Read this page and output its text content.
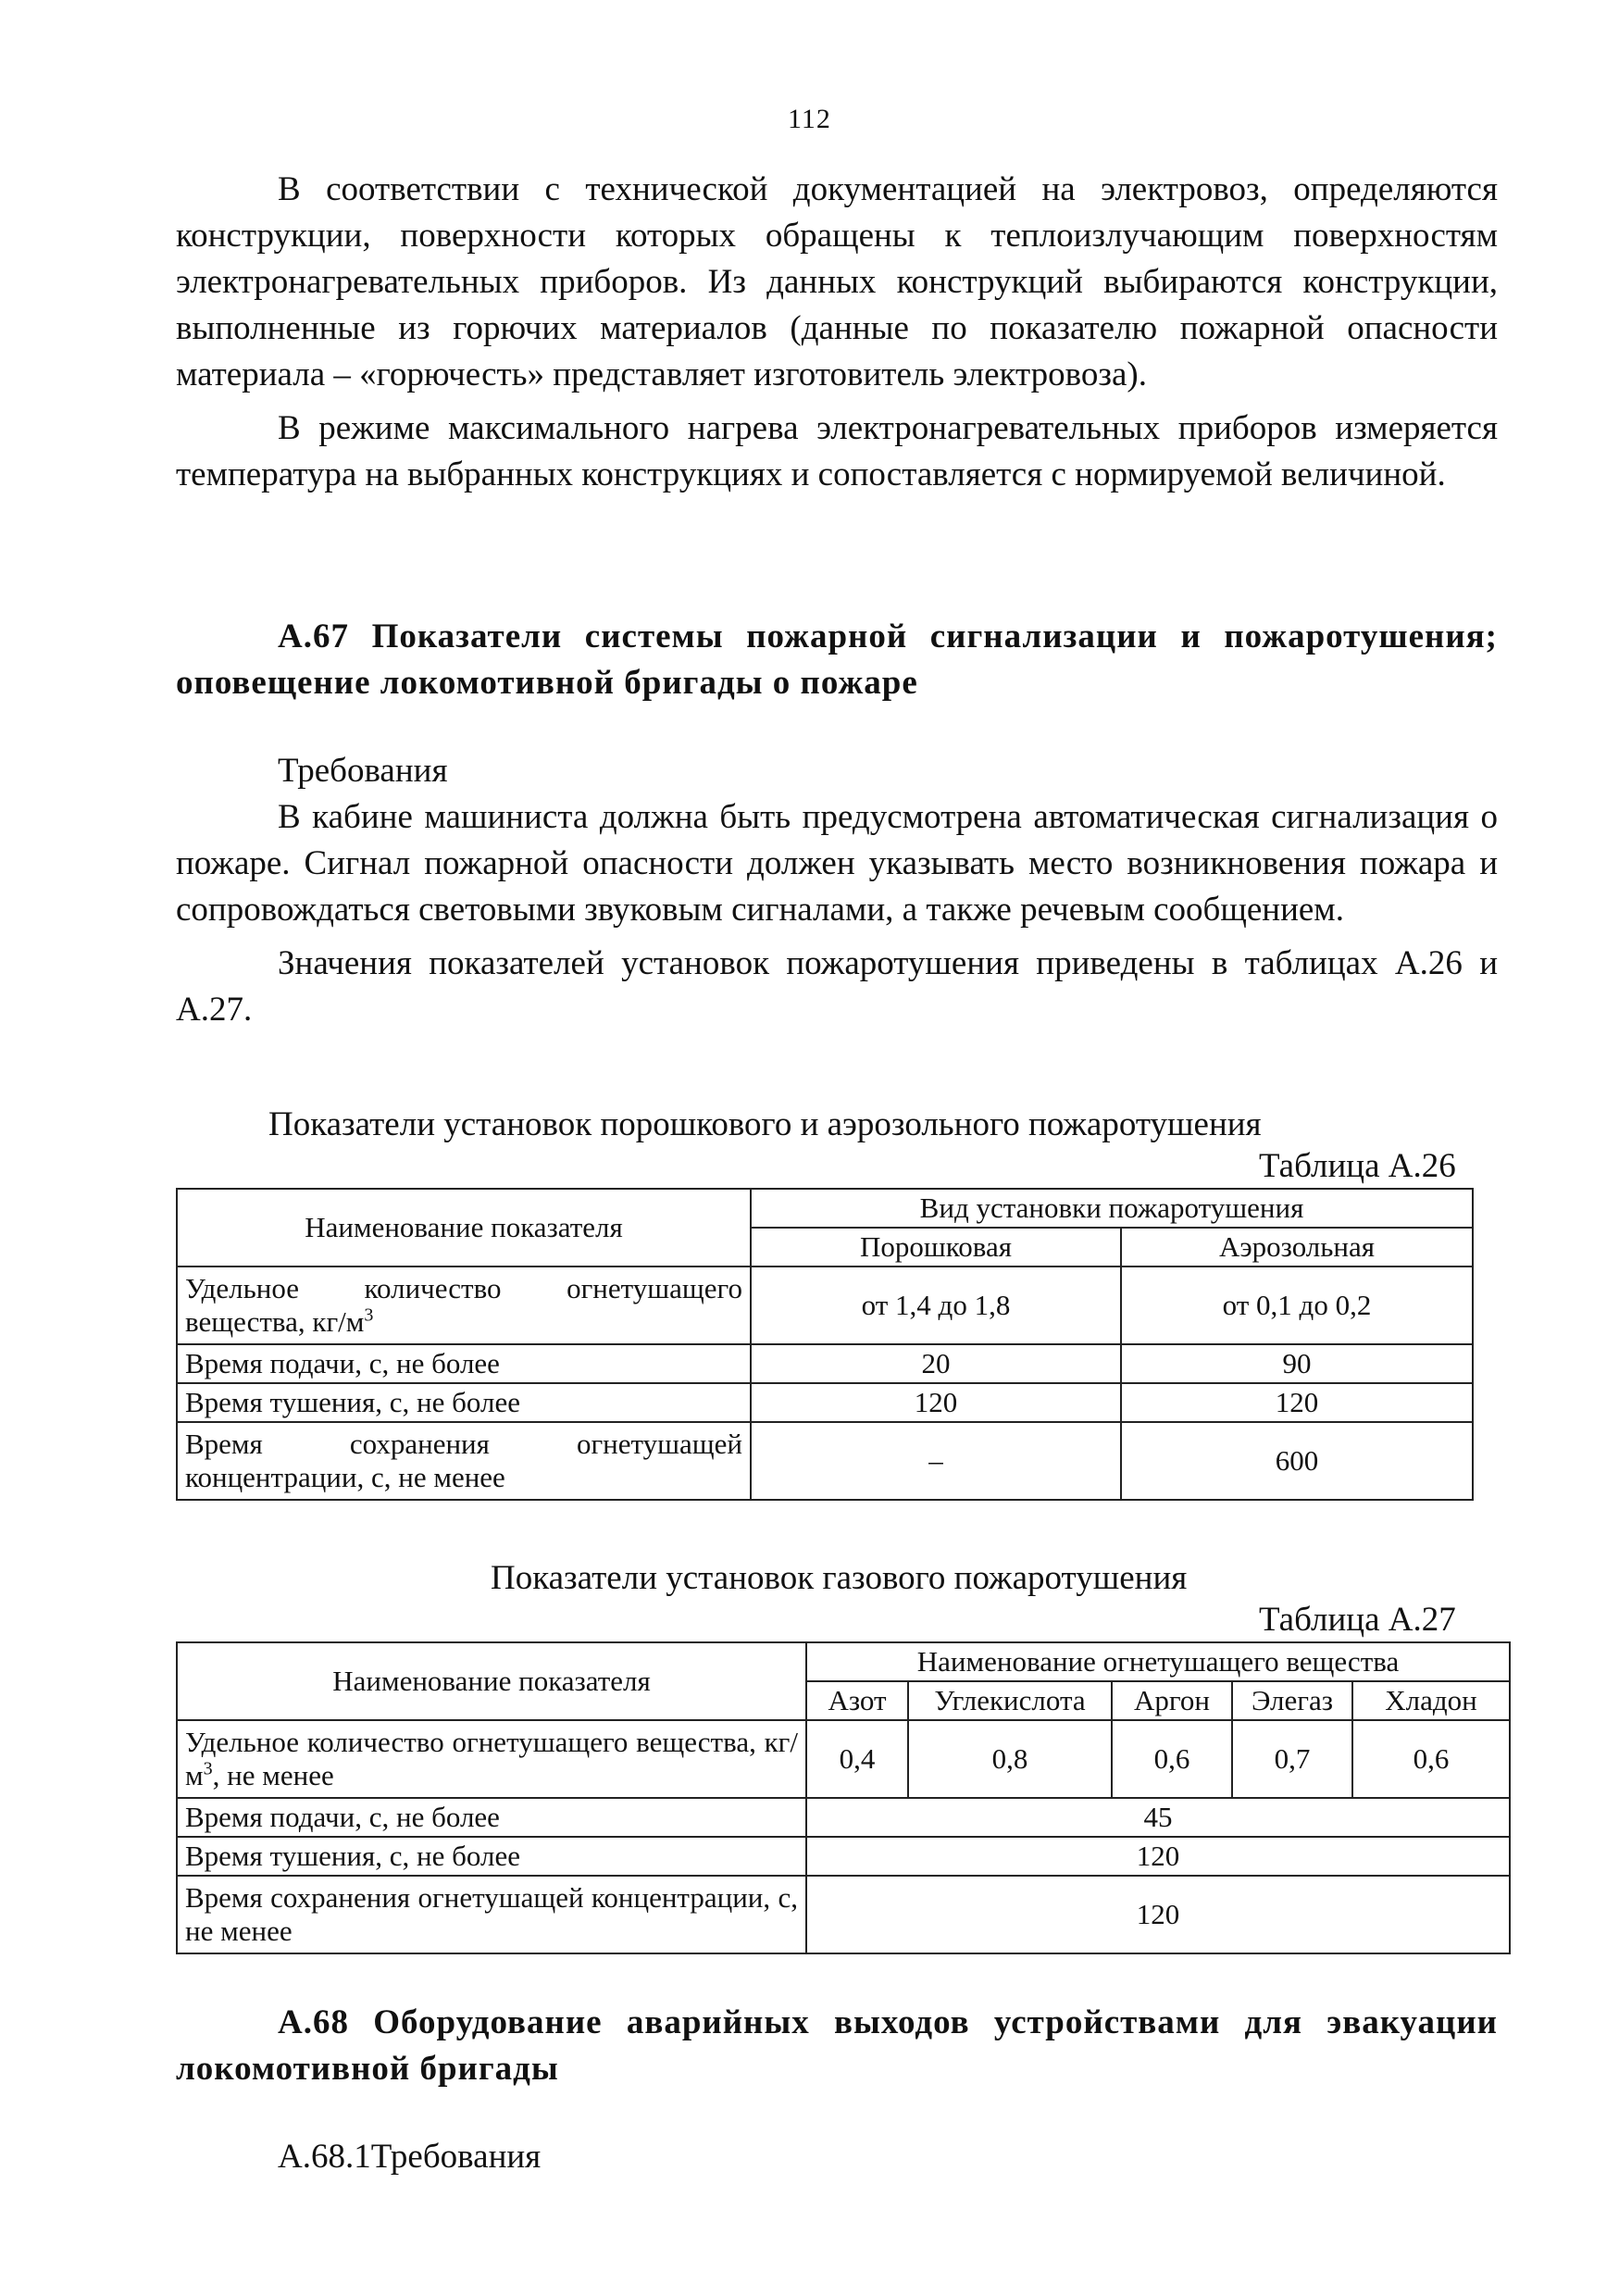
112

В соответствии с технической документацией на электровоз, определяются конструкции, поверхности которых обращены к теплоизлучающим поверхностям электронагревательных приборов. Из данных конструкций выбираются конструкции, выполненные из горючих материалов (данные по показателю пожарной опасности материала – «горючесть» представляет изготовитель электровоза).

В режиме максимального нагрева электронагревательных приборов измеряется температура на выбранных конструкциях и сопоставляется с нормируемой величиной.

А.67 Показатели системы пожарной сигнализации и пожаротушения; оповещение локомотивной бригады о пожаре
Требования

В кабине машиниста должна быть предусмотрена автоматическая сигнализация о пожаре. Сигнал пожарной опасности должен указывать место возникновения пожара и сопровождаться световыми звуковым сигналами, а также речевым сообщением.

Значения показателей установок пожаротушения приведены в таблицах А.26 и А.27.

Показатели установок порошкового и аэрозольного пожаротушения
Таблица А.26
Наименование показателя	Вид установки пожаротушения	
	Порошковая	Аэрозольная
Удельное количество огнетушащего вещества, $кг/м^3$	от 1,4 до 1,8	от 0,1 до 0,2
Время подачи, с, не более	20	90
Время тушения, с, не более	120	120
Время сохранения огнетушащей концентрации, с, не менее	–	600
Показатели установок газового пожаротушения
Таблица А.27
Наименование показателя	Наименование огнетушащего вещества				
	Азот	Углекислота	Аргон	Элегаз	Хладон
Удельное количество огнетушащего вещества, $кг/м^3$, не менее	0,4	0,8	0,6	0,7	0,6
Время подачи, с, не более	45				
Время тушения, с, не более	120				
Время сохранения огнетушащей концентрации, с, не менее	120				
А.68 Оборудование аварийных выходов устройствами для эвакуации локомотивной бригады
А.68.1Требования
